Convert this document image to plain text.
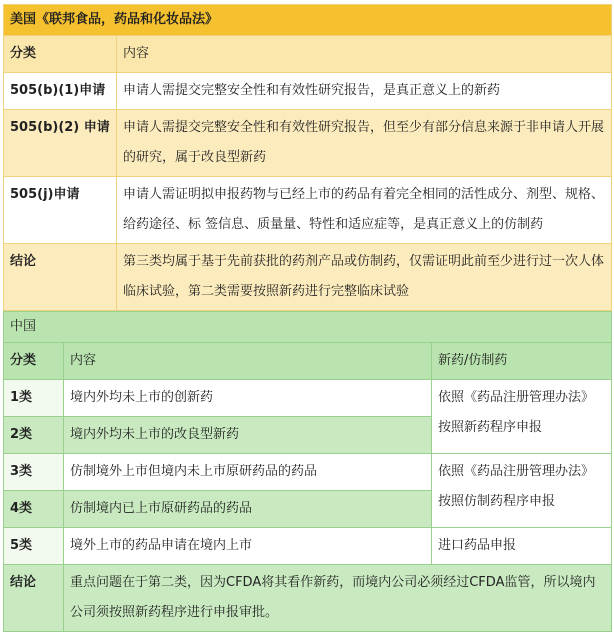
美国《联邦食品，药品和化妆品法》	
分类	内容
505(b)(1)申请	申请人需提交完整安全性和有效性研究报告，是真正意义上的新药
505(b)(2) 申请	申请人需提交完整安全性和有效性研究报告，但至少有部分信息来源于非申请人开展的研究，属于改良型新药
505(j)申请	申请人需证明拟申报药物与已经上市的药品有着完全相同的活性成分、剂型、规格、给药途径、标 签信息、质量量、特性和适应症等，是真正意义上的仿制药
结论	第三类均属于基于先前获批的药剂产品或仿制药，仅需证明此前至少进行过一次人体临床试验，第二类需要按照新药进行完整临床试验
中国		
分类	内容	新药/仿制药
1类	境内外均未上市的创新药	依照《药品注册管理办法》按照新药程序申报
2类	境内外均未上市的改良型新药	
3类	仿制境外上市但境内未上市原研药品的药品	依照《药品注册管理办法》按照仿制药程序申报
4类	仿制境内已上市原研药品的药品	
5类	境外上市的药品申请在境内上市	进口药品申报
结论	重点问题在于第二类，因为CFDA将其看作新药，而境内公司必须经过CFDA监管，所以境内公司须按照新药程序进行申报审批。	
